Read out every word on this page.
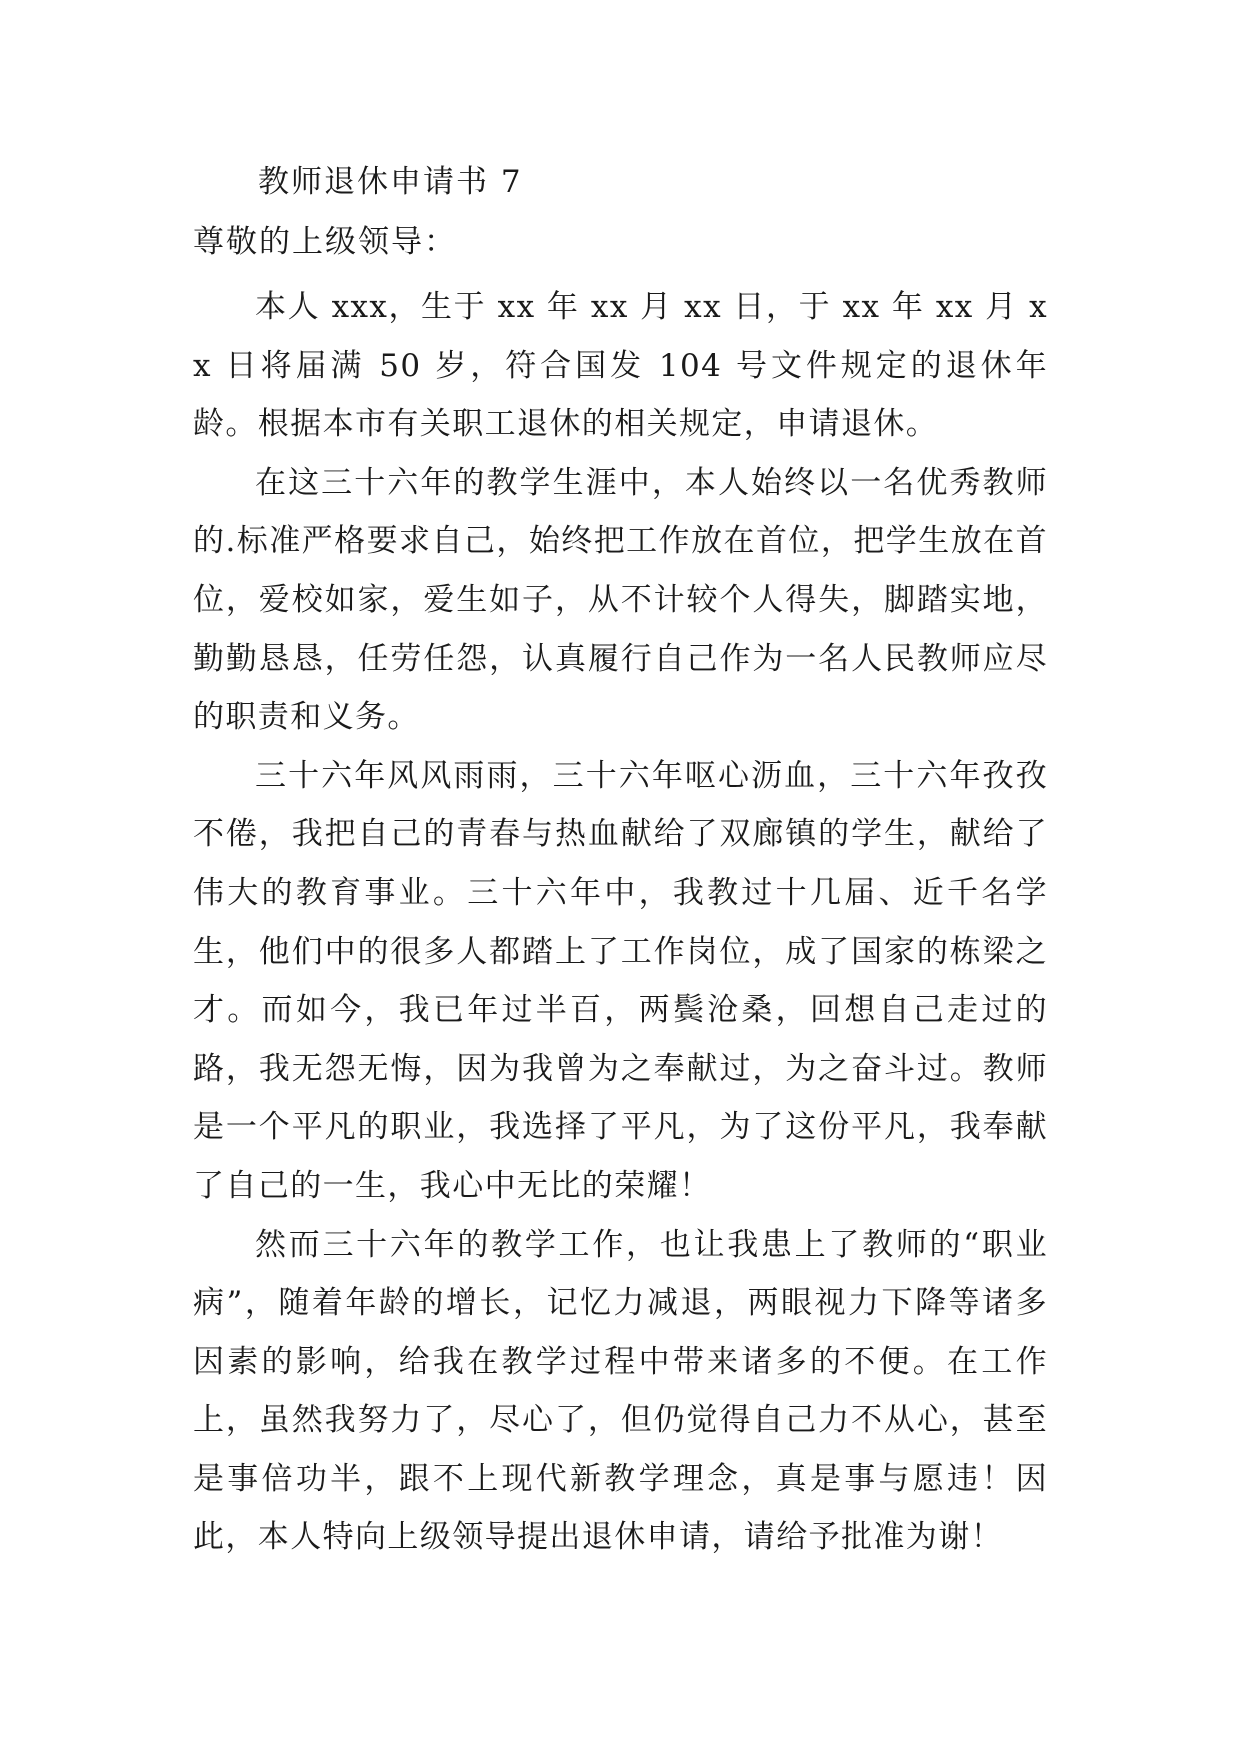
教师退休申请书 7
尊敬的上级领导：

本人 xxx，生于 xx 年 xx 月 xx 日，于 xx 年 xx 月 xx 日将届满 50 岁，符合国发 104 号文件规定的退休年龄。根据本市有关职工退休的相关规定，申请退休。

在这三十六年的教学生涯中，本人始终以一名优秀教师的.标准严格要求自己，始终把工作放在首位，把学生放在首位，爱校如家，爱生如子，从不计较个人得失，脚踏实地，勤勤恳恳，任劳任怨，认真履行自己作为一名人民教师应尽的职责和义务。

三十六年风风雨雨，三十六年呕心沥血，三十六年孜孜不倦，我把自己的青春与热血献给了双廊镇的学生，献给了伟大的教育事业。三十六年中，我教过十几届、近千名学生，他们中的很多人都踏上了工作岗位，成了国家的栋梁之才。而如今，我已年过半百，两鬓沧桑，回想自己走过的路，我无怨无悔，因为我曾为之奉献过，为之奋斗过。教师是一个平凡的职业，我选择了平凡，为了这份平凡，我奉献了自己的一生，我心中无比的荣耀！

然而三十六年的教学工作，也让我患上了教师的“职业病”，随着年龄的增长，记忆力减退，两眼视力下降等诸多因素的影响，给我在教学过程中带来诸多的不便。在工作上，虽然我努力了，尽心了，但仍觉得自己力不从心，甚至是事倍功半，跟不上现代新教学理念，真是事与愿违！因此，本人特向上级领导提出退休申请，请给予批准为谢！
